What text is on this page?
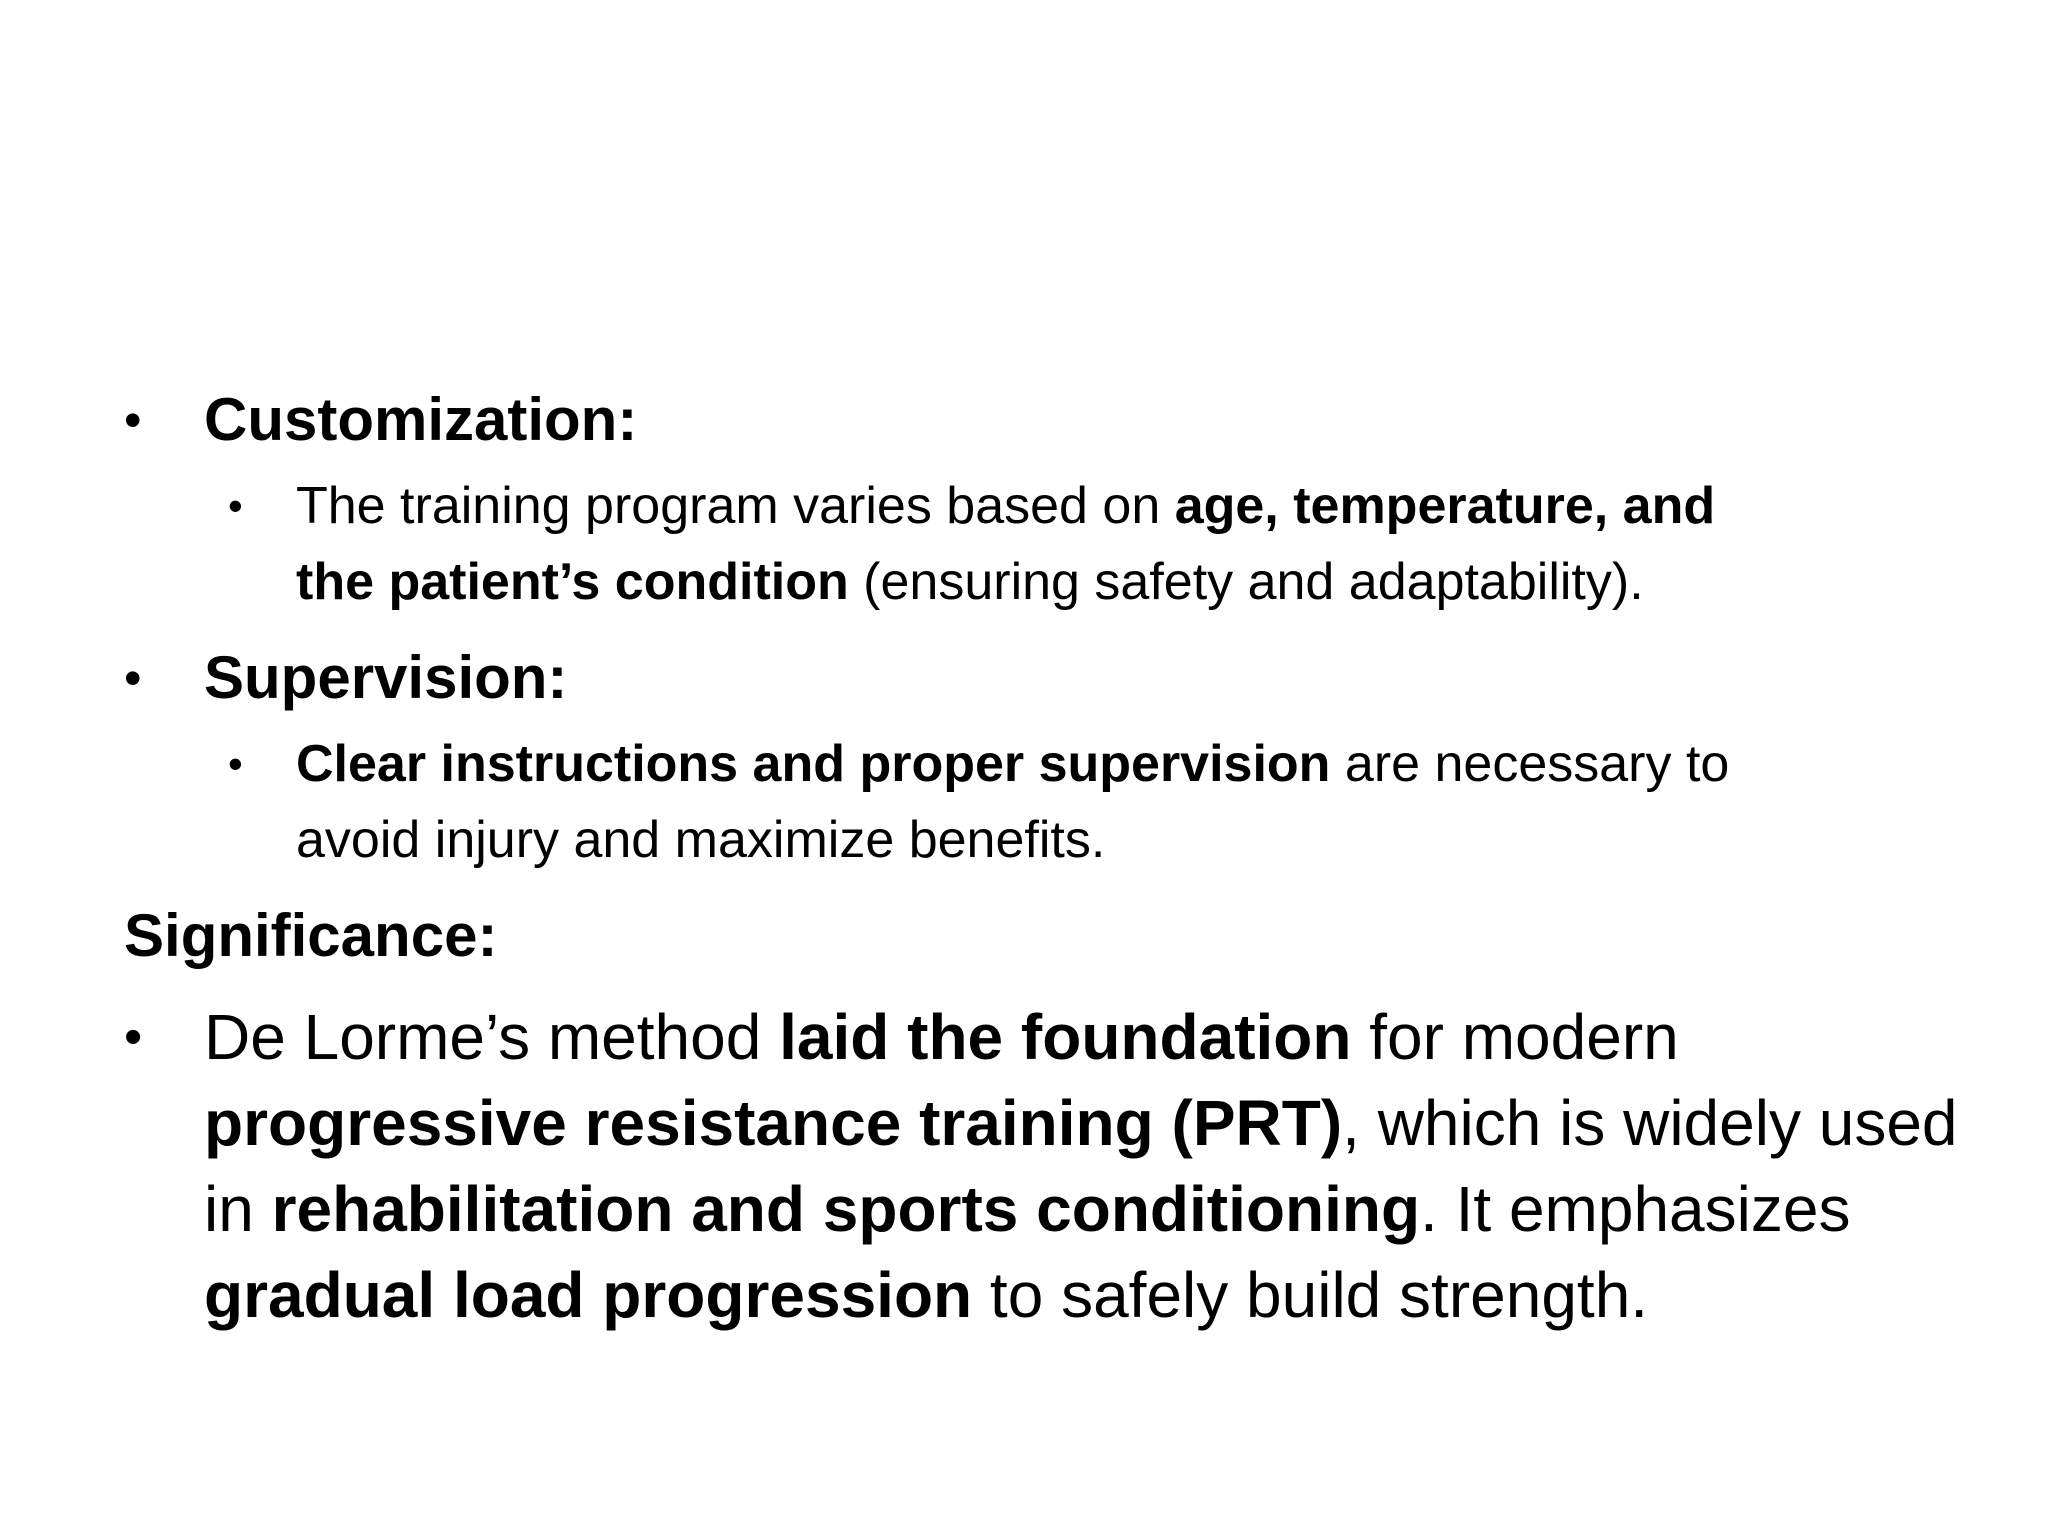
• Customization:
• The training program varies based on age, temperature, and
the patient’s condition (ensuring safety and adaptability).
• Supervision:
• Clear instructions and proper supervision are necessary to
avoid injury and maximize benefits.
Significance:
• De Lorme’s method laid the foundation for modern
progressive resistance training (PRT), which is widely used
in rehabilitation and sports conditioning. It emphasizes
gradual load progression to safely build strength.
